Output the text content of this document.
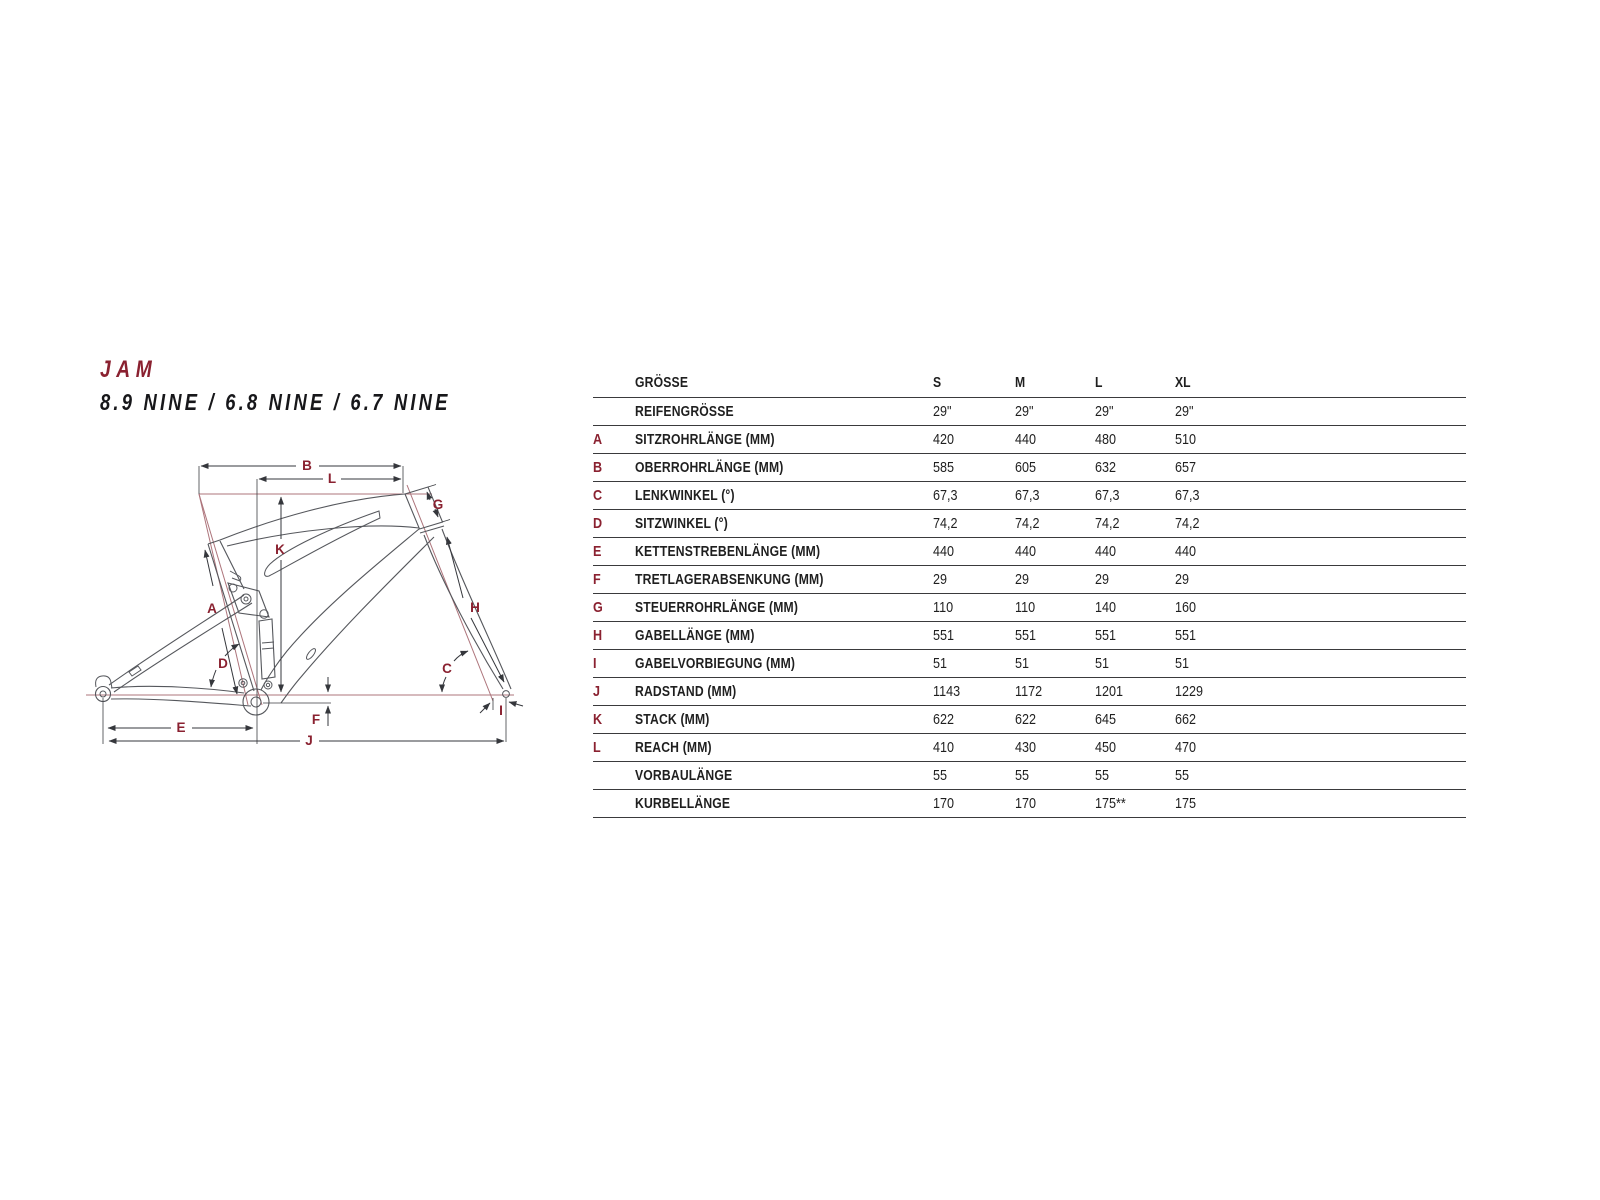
JAM

8.9 NINE / 6.8 NINE / 6.7 NINE

A
B
C
D
E
F
G
H
I
J
K
L
GRÖSSE	S	M	L	XL
REIFENGRÖSSE	29"	29"	29"	29"
A	SITZROHRLÄNGE (MM)	420	440	480	510
B	OBERROHRLÄNGE (MM)	585	605	632	657
C	LENKWINKEL (°)	67,3	67,3	67,3	67,3
D	SITZWINKEL (°)	74,2	74,2	74,2	74,2
E	KETTENSTREBENLÄNGE (MM)	440	440	440	440
F	TRETLAGERABSENKUNG (MM)	29	29	29	29
G	STEUERROHRLÄNGE (MM)	110	110	140	160
H	GABELLÄNGE (MM)	551	551	551	551
I	GABELVORBIEGUNG (MM)	51	51	51	51
J	RADSTAND (MM)	1143	1172	1201	1229
K	STACK (MM)	622	622	645	662
L	REACH (MM)	410	430	450	470
VORBAULÄNGE	55	55	55	55
KURBELLÄNGE	170	170	175**	175
